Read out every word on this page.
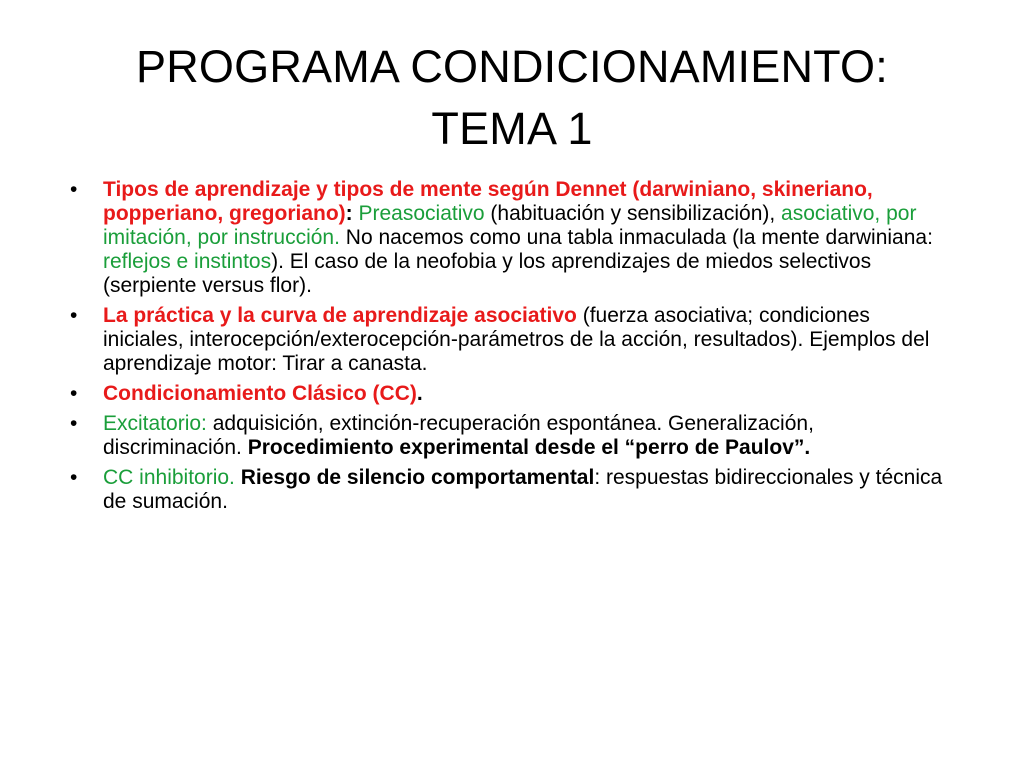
PROGRAMA CONDICIONAMIENTO:
TEMA 1
• Tipos de aprendizaje y tipos de mente según Dennet (darwiniano, skineriano, popperiano, gregoriano): Preasociativo (habituación y sensibilización), asociativo, por imitación, por instrucción. No nacemos como una tabla inmaculada (la mente darwiniana: reflejos e instintos). El caso de la neofobia y los aprendizajes de miedos selectivos (serpiente versus flor).
• La práctica y la curva de aprendizaje asociativo (fuerza asociativa; condiciones iniciales, interocepción/exterocepción-parámetros de la acción, resultados). Ejemplos del aprendizaje motor: Tirar a canasta.
• Condicionamiento Clásico (CC).
• Excitatorio: adquisición, extinción-recuperación espontánea. Generalización, discriminación. Procedimiento experimental desde el “perro de Paulov”.
• CC inhibitorio. Riesgo de silencio comportamental: respuestas bidireccionales y técnica de sumación.
